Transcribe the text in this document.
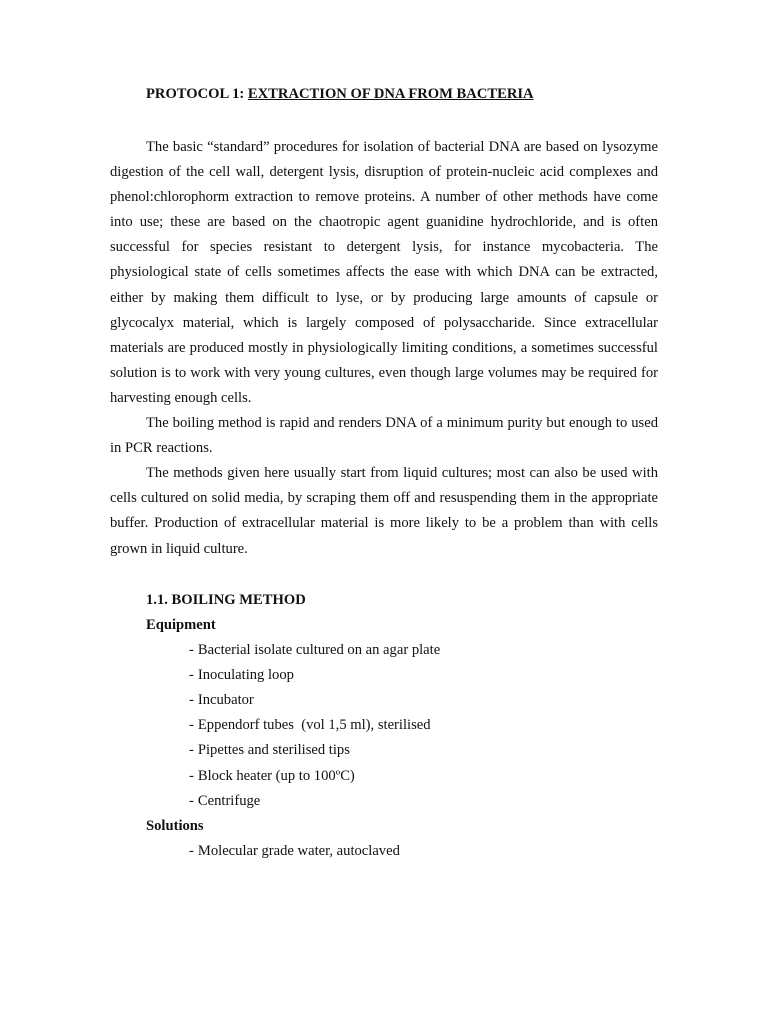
PROTOCOL 1: EXTRACTION OF DNA FROM BACTERIA

The basic “standard” procedures for isolation of bacterial DNA are based on lysozyme digestion of the cell wall, detergent lysis, disruption of protein-nucleic acid complexes and phenol:chlorophorm extraction to remove proteins. A number of other methods have come into use; these are based on the chaotropic agent guanidine hydrochloride, and is often successful for species resistant to detergent lysis, for instance mycobacteria. The physiological state of cells sometimes affects the ease with which DNA can be extracted, either by making them difficult to lyse, or by producing large amounts of capsule or glycocalyx material, which is largely composed of polysaccharide. Since extracellular materials are produced mostly in physiologically limiting conditions, a sometimes successful solution is to work with very young cultures, even though large volumes may be required for harvesting enough cells.

The boiling method is rapid and renders DNA of a minimum purity but enough to used in PCR reactions.

The methods given here usually start from liquid cultures; most can also be used with cells cultured on solid media, by scraping them off and resuspending them in the appropriate buffer. Production of extracellular material is more likely to be a problem than with cells grown in liquid culture.

1.1. BOILING METHOD
Equipment
- Bacterial isolate cultured on an agar plate
- Inoculating loop
- Incubator
- Eppendorf tubes  (vol 1,5 ml), sterilised
- Pipettes and sterilised tips
- Block heater (up to 100ºC)
- Centrifuge
Solutions
- Molecular grade water, autoclaved
